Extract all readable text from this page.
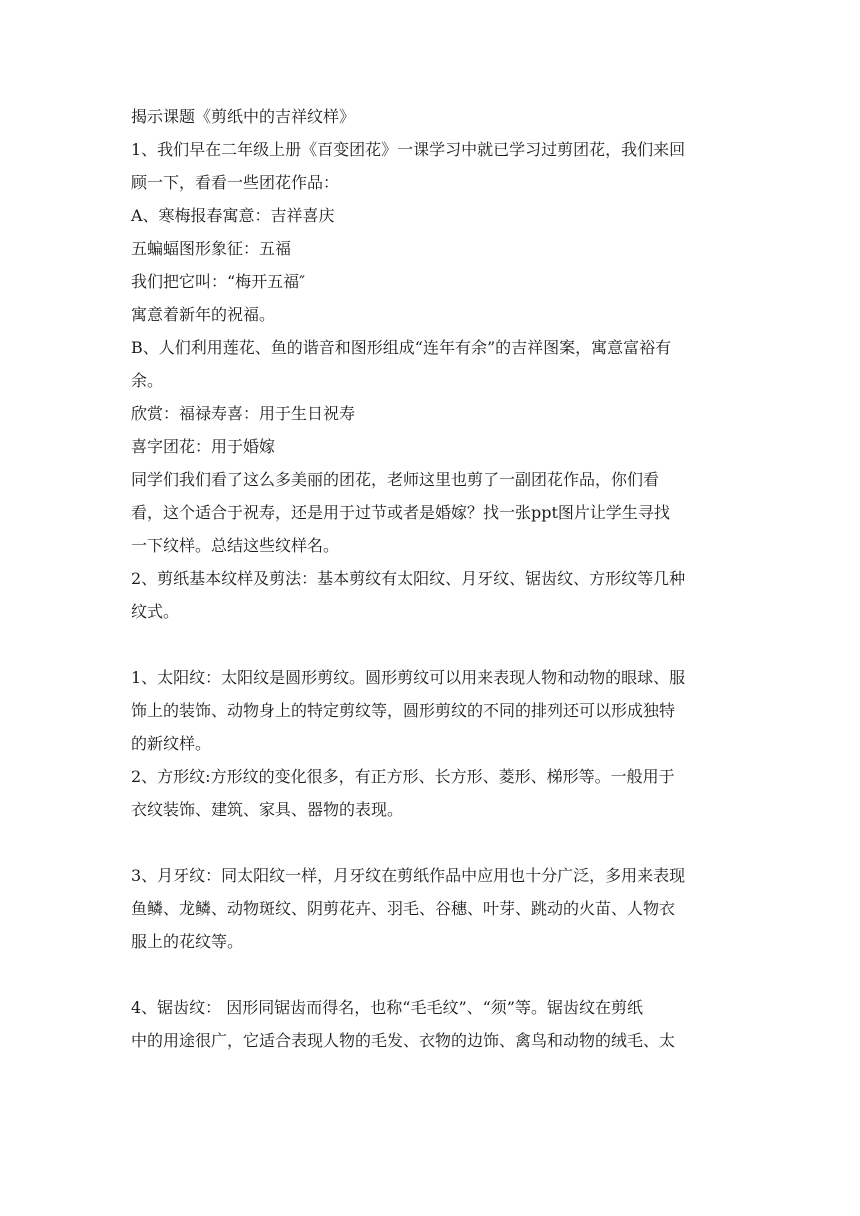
揭示课题《剪纸中的吉祥纹样》
1、我们早在二年级上册《百变团花》一课学习中就已学习过剪团花，我们来回
顾一下，看看一些团花作品：
A、寒梅报春寓意：吉祥喜庆
五蝙蝠图形象征：五福
我们把它叫：“梅开五福″
寓意着新年的祝福。
B、人们利用莲花、鱼的谐音和图形组成“连年有余”的吉祥图案，寓意富裕有
余。
欣赏：福禄寿喜：用于生日祝寿
喜字团花：用于婚嫁
同学们我们看了这么多美丽的团花，老师这里也剪了一副团花作品，你们看
看，这个适合于祝寿，还是用于过节或者是婚嫁？找一张ppt图片让学生寻找
一下纹样。总结这些纹样名。
2、剪纸基本纹样及剪法：基本剪纹有太阳纹、月牙纹、锯齿纹、方形纹等几种
纹式。
1、太阳纹：太阳纹是圆形剪纹。圆形剪纹可以用来表现人物和动物的眼球、服
饰上的装饰、动物身上的特定剪纹等，圆形剪纹的不同的排列还可以形成独特
的新纹样。
2、方形纹:方形纹的变化很多，有正方形、长方形、菱形、梯形等。一般用于
衣纹装饰、建筑、家具、器物的表现。
3、月牙纹：同太阳纹一样，月牙纹在剪纸作品中应用也十分广泛，多用来表现
鱼鳞、龙鳞、动物斑纹、阴剪花卉、羽毛、谷穗、叶芽、跳动的火苗、人物衣
服上的花纹等。
4、锯齿纹： 因形同锯齿而得名，也称“毛毛纹”、“须”等。锯齿纹在剪纸
中的用途很广，它适合表现人物的毛发、衣物的边饰、禽鸟和动物的绒毛、太
